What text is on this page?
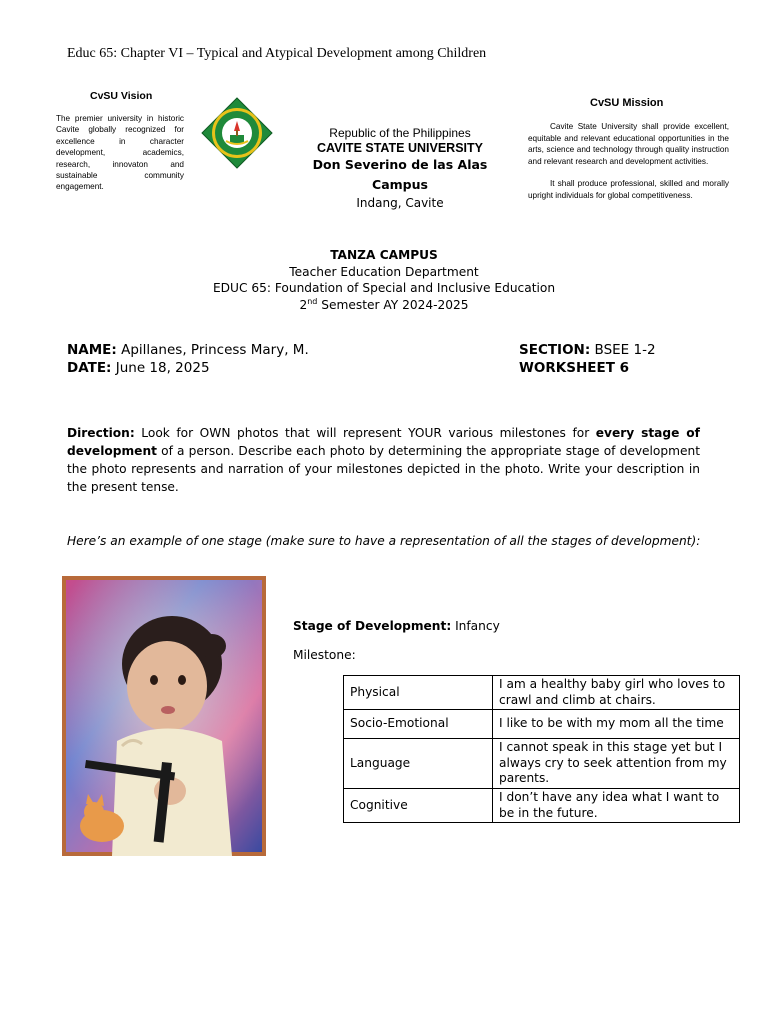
Educ 65: Chapter VI – Typical and Atypical Development among Children
CvSU Vision
The premier university in historic Cavite globally recognized for excellence in character development, academics, research, innovaton and sustainable community engagement.
Republic of the Philippines
CAVITE STATE UNIVERSITY
Don Severino de las Alas Campus
Indang, Cavite
CvSU Mission

Cavite State University shall provide excellent, equitable and relevant educational opportunities in the arts, science and technology through quality instruction and relevant research and development activities.

It shall produce professional, skilled and morally upright individuals for global competitiveness.

TANZA CAMPUS
Teacher Education Department
EDUC 65: Foundation of Special and Inclusive Education
2nd Semester AY 2024-2025
NAME: Apillanes, Princess Mary, M.
DATE: June 18, 2025
SECTION: BSEE 1-2
WORKSHEET 6
Direction: Look for OWN photos that will represent YOUR various milestones for every stage of development of a person. Describe each photo by determining the appropriate stage of development the photo represents and narration of your milestones depicted in the photo. Write your description in the present tense.
Here’s an example of one stage (make sure to have a representation of all the stages of development):
Stage of Development: Infancy
Milestone:
Physical	I am a healthy baby girl who loves to crawl and climb at chairs.
Socio-Emotional	I like to be with my mom all the time
Language	I cannot speak in this stage yet but I always cry to seek attention from my parents.
Cognitive	I don’t have any idea what I want to be in the future.
